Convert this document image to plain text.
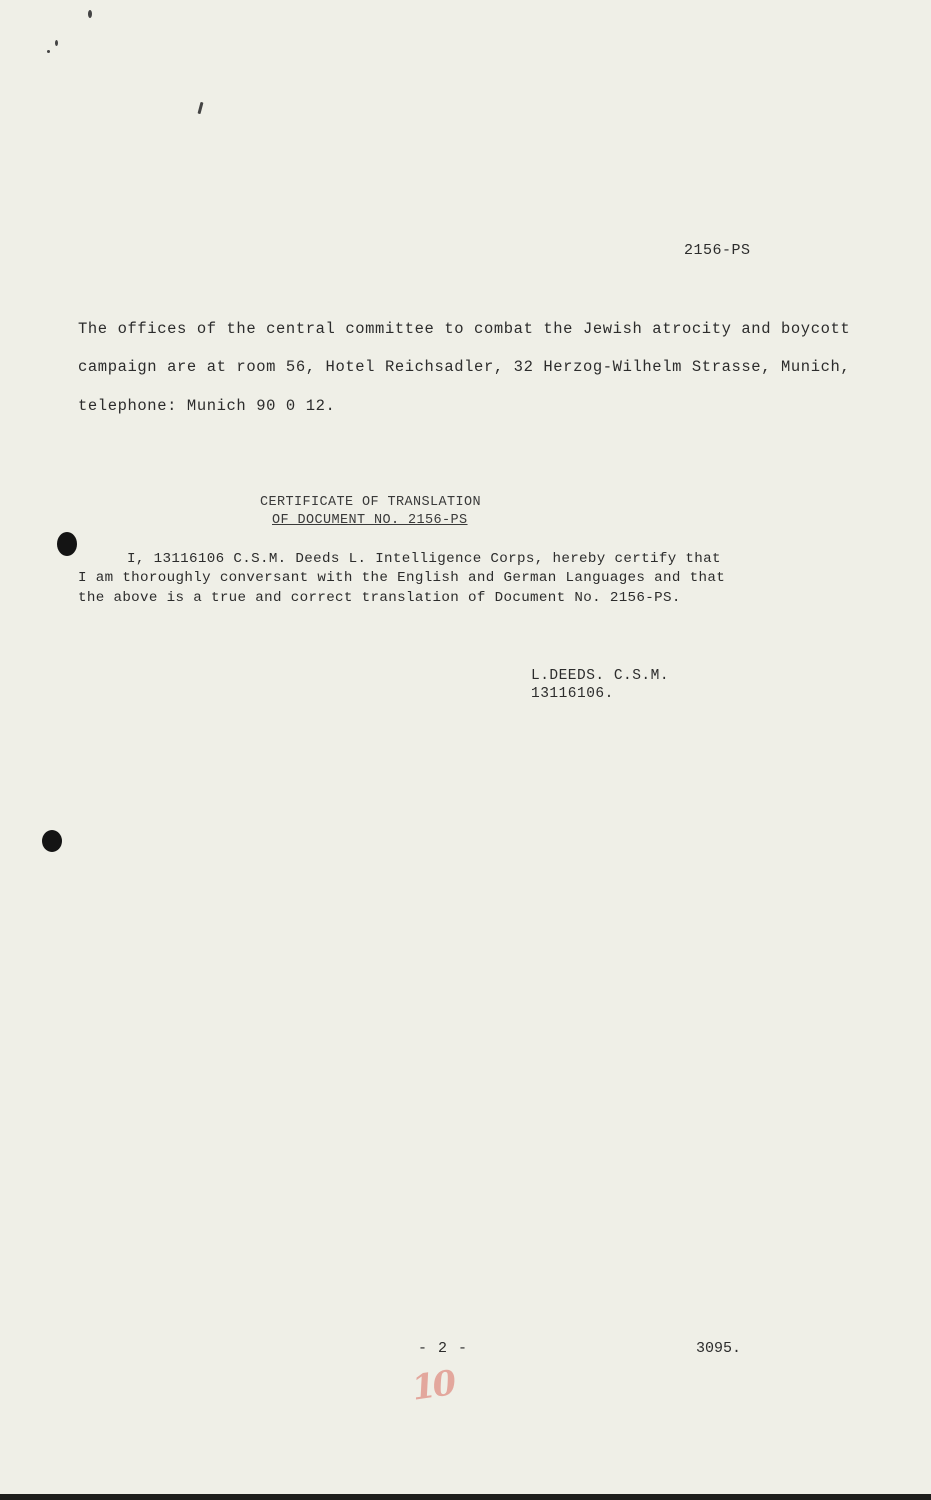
2156-PS
The offices of the central committee to combat the Jewish atrocity and boycott
campaign are at room 56, Hotel Reichsadler, 32 Herzog-Wilhelm Strasse, Munich,
telephone: Munich 90 0 12.
CERTIFICATE OF TRANSLATION
OF DOCUMENT NO. 2156-PS
I, 13116106 C.S.M. Deeds L. Intelligence Corps, hereby certify that
I am thoroughly conversant with the English and German Languages and that
the above is a true and correct translation of Document No. 2156-PS.
L.DEEDS. C.S.M.
13116106.
- 2 -	3095.
10
